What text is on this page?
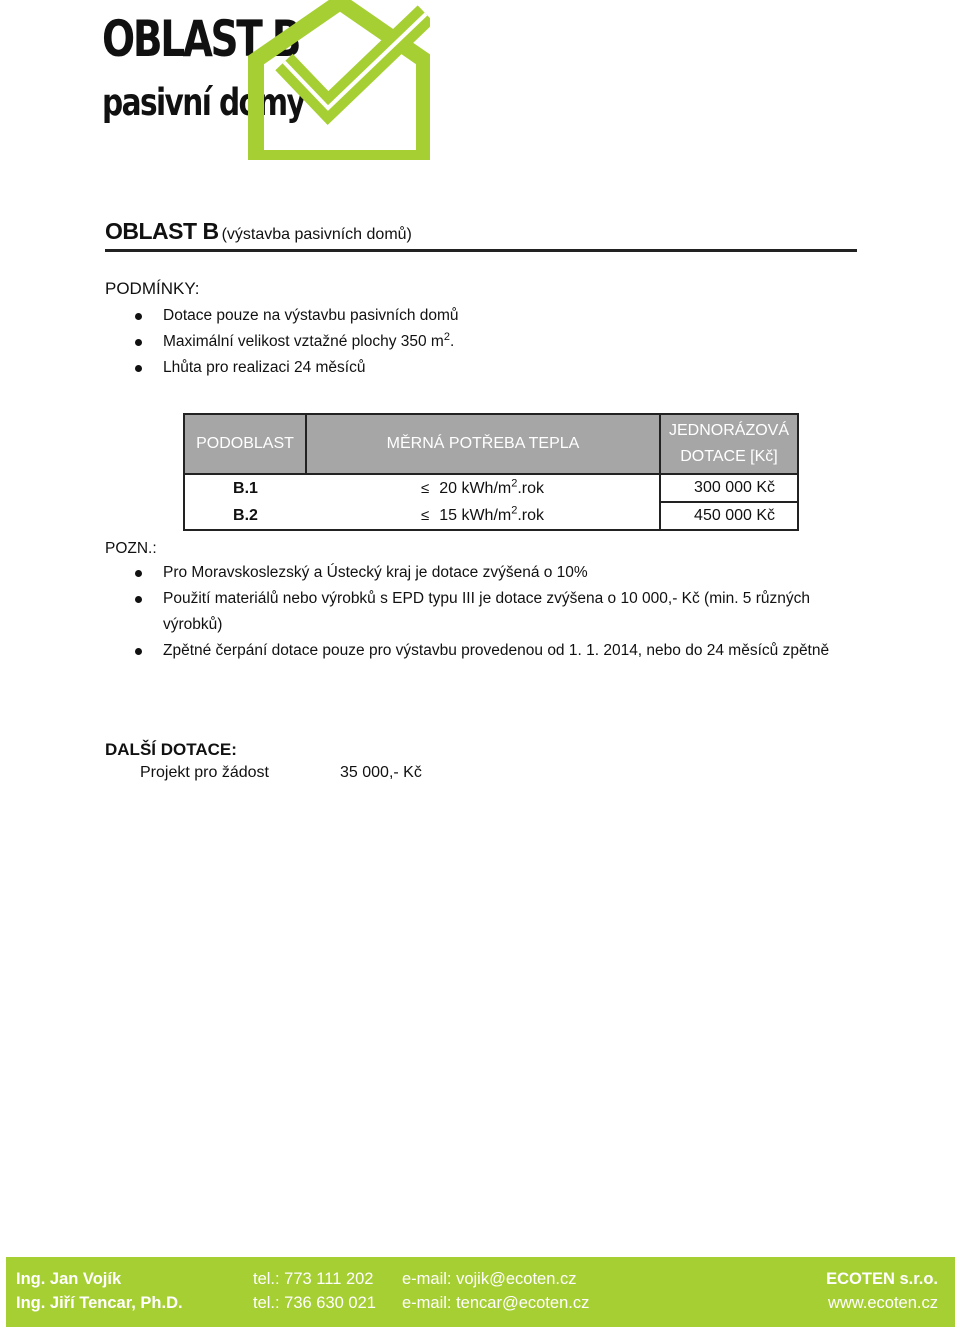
OBLAST B
pasivní domy
OBLAST B (výstavba pasivních domů)
PODMÍNKY:
Dotace pouze na výstavbu pasivních domů
Maximální velikost vztažné plochy 350 $m^2$.
Lhůta pro realizaci 24 měsíců
PODOBLAST	MĚRNÁ POTŘEBA TEPLA	JEDNORÁZOVÁ DOTACE [Kč]
B.1	≤ 20 kWh/$m^2.rok$	300 000 Kč
B.2	≤ 15 kWh/$m^2.rok$	450 000 Kč
POZN.:
Pro Moravskoslezský a Ústecký kraj je dotace zvýšená o 10%
Použití materiálů nebo výrobků s EPD typu III je dotace zvýšena o 10 000,- Kč (min. 5 různých výrobků)
Zpětné čerpání dotace pouze pro výstavbu provedenou od 1. 1. 2014, nebo do 24 měsíců zpětně
DALŠÍ DOTACE:
Projekt pro žádost	35 000,- Kč
Ing. Jan Vojík	tel.: 773 111 202 e-mail: vojik@ecoten.cz	ECOTEN s.r.o.
Ing. Jiří Tencar, Ph.D.	tel.: 736 630 021 e-mail: tencar@ecoten.cz	www.ecoten.cz
